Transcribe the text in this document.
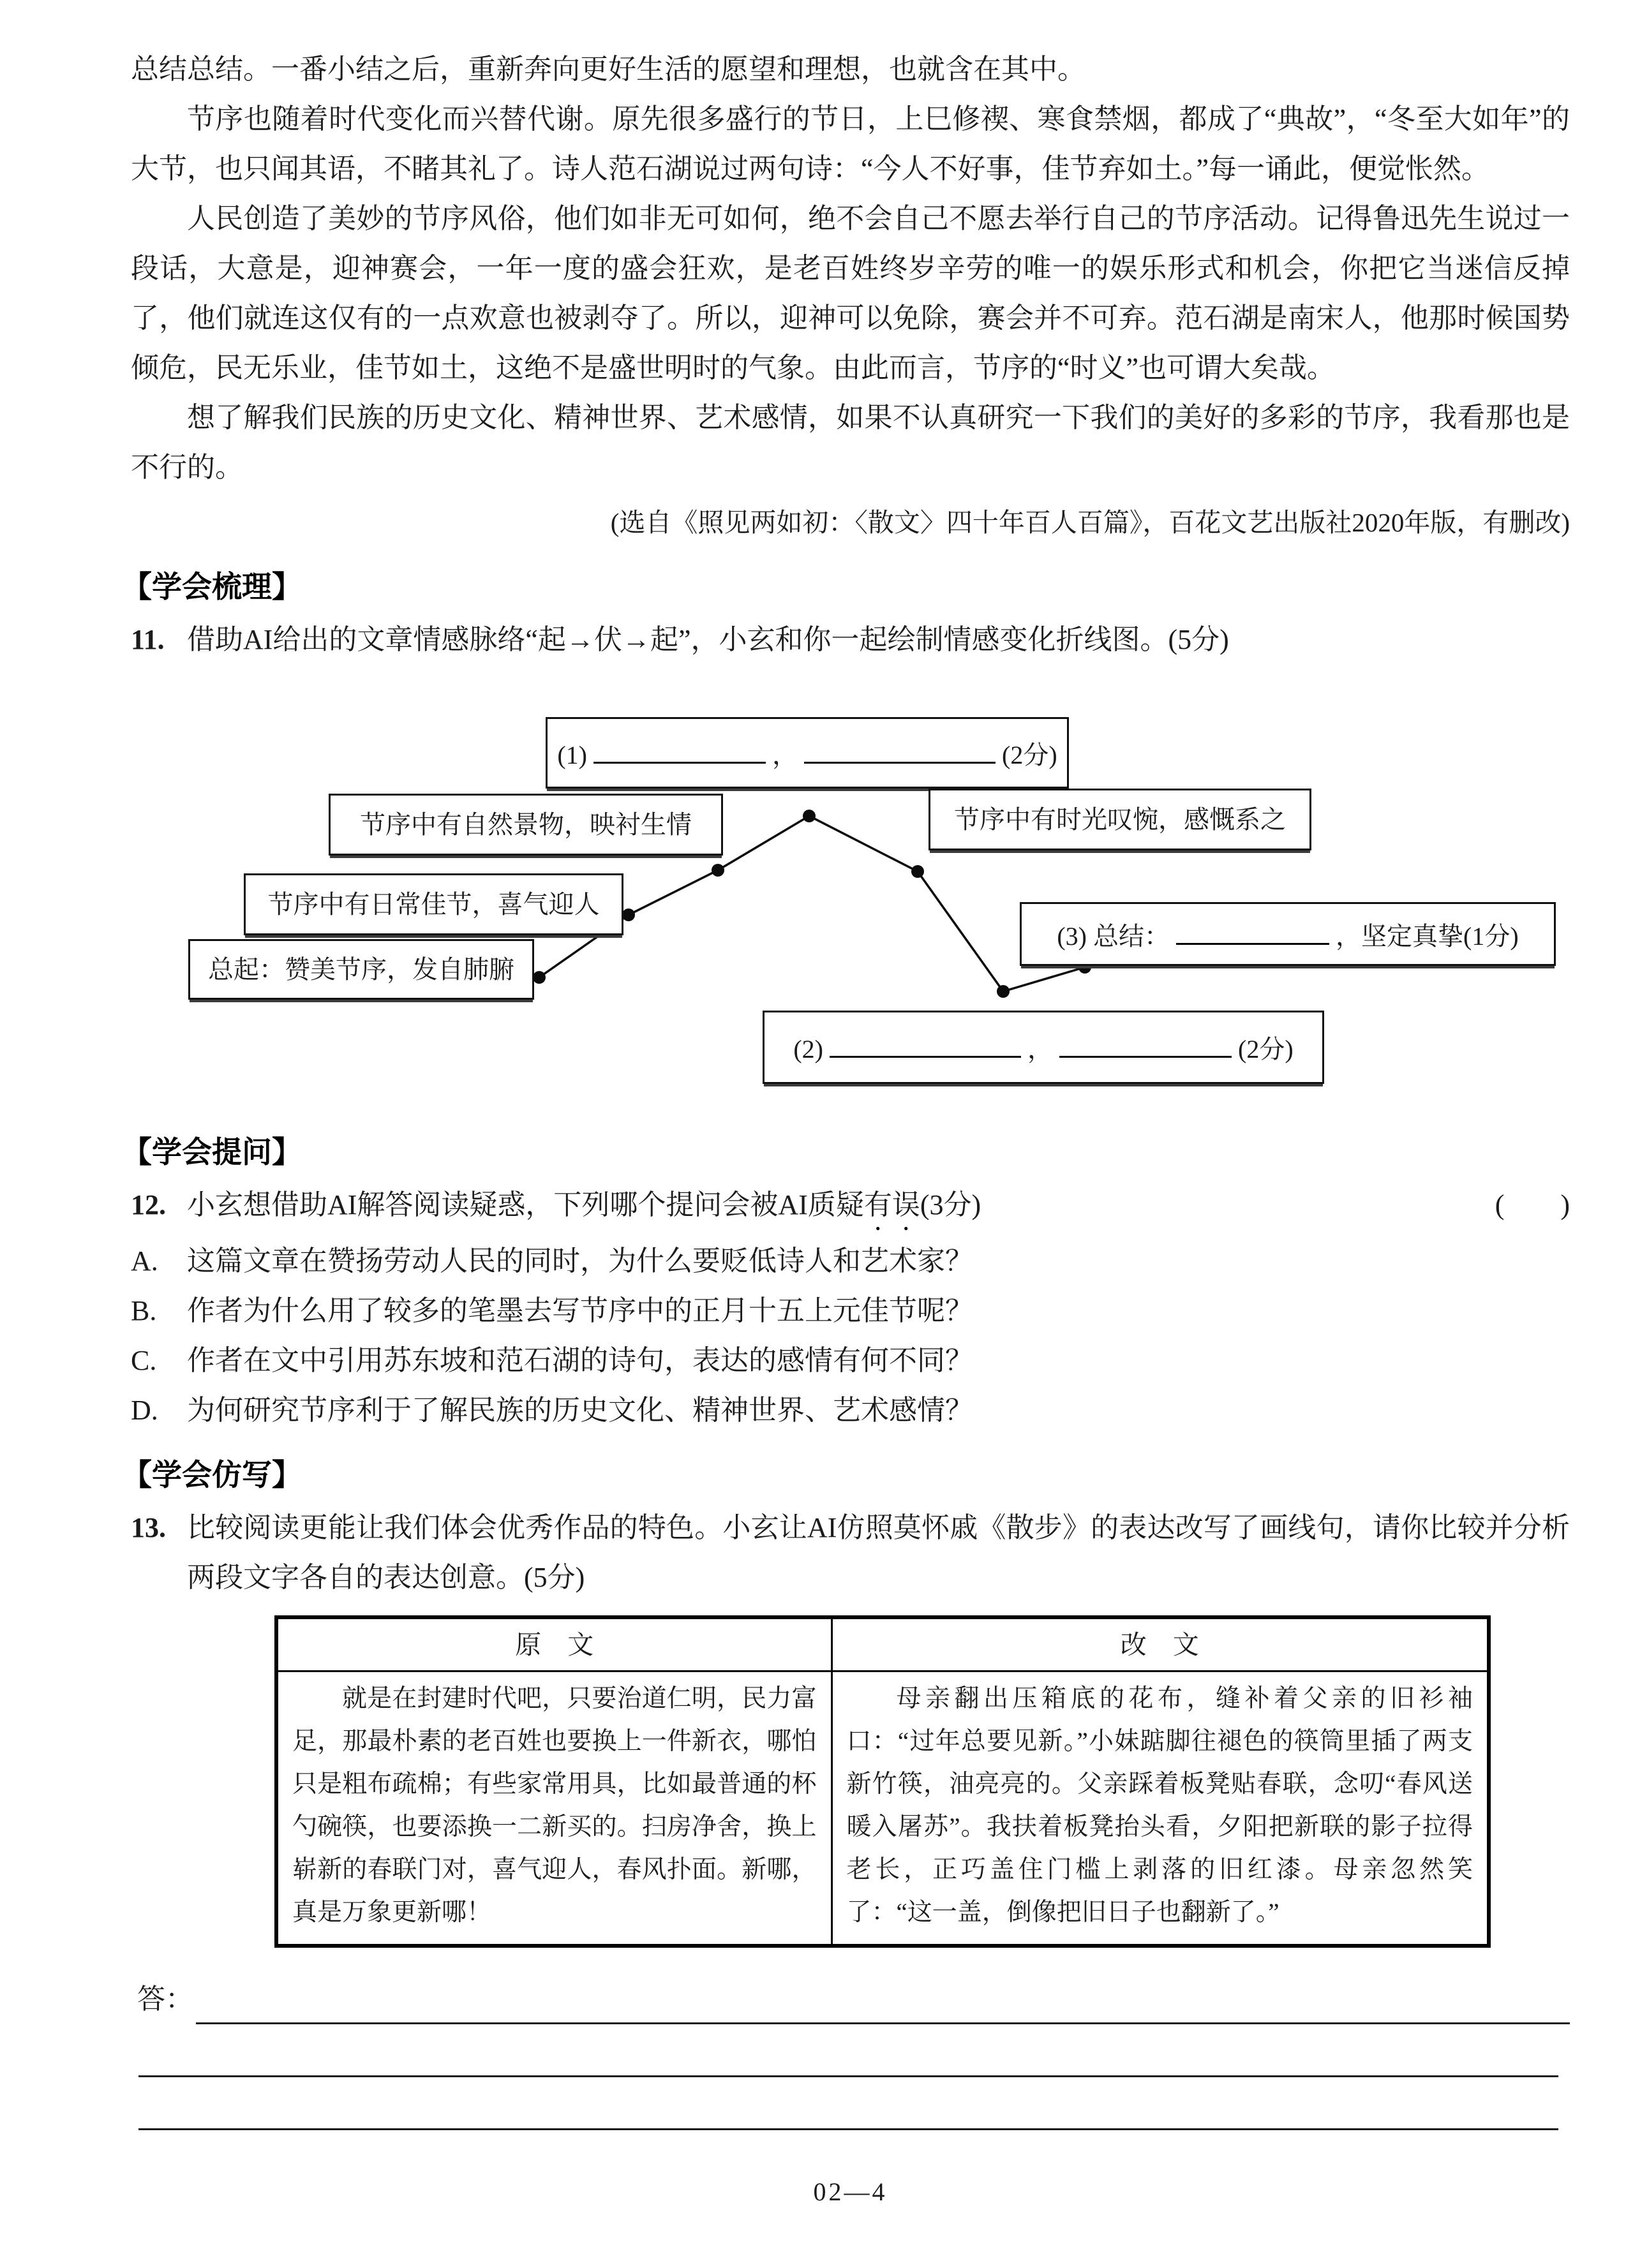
总结总结。一番小结之后，重新奔向更好生活的愿望和理想，也就含在其中。

节序也随着时代变化而兴替代谢。原先很多盛行的节日，上巳修禊、寒食禁烟，都成了“典故”，“冬至大如年”的大节，也只闻其语，不睹其礼了。诗人范石湖说过两句诗：“今人不好事，佳节弃如土。”每一诵此，便觉怅然。

人民创造了美妙的节序风俗，他们如非无可如何，绝不会自己不愿去举行自己的节序活动。记得鲁迅先生说过一段话，大意是，迎神赛会，一年一度的盛会狂欢，是老百姓终岁辛劳的唯一的娱乐形式和机会，你把它当迷信反掉了，他们就连这仅有的一点欢意也被剥夺了。所以，迎神可以免除，赛会并不可弃。范石湖是南宋人，他那时候国势倾危，民无乐业，佳节如土，这绝不是盛世明时的气象。由此而言，节序的“时义”也可谓大矣哉。

想了解我们民族的历史文化、精神世界、艺术感情，如果不认真研究一下我们的美好的多彩的节序，我看那也是不行的。

(选自《照见两如初：〈散文〉四十年百人百篇》，百花文艺出版社2020年版，有删改)
【学会梳理】
11. 借助AI给出的文章情感脉络“起→伏→起”，小玄和你一起绘制情感变化折线图。(5分)
(1)	，	(2分)
节序中有自然景物，映衬生情	节序中有时光叹惋，感慨系之
节序中有日常佳节，喜气迎人
(3) 总结：	，坚定真挚(1分)
总起：赞美节序，发自肺腑
(2)	，	(2分)
【学会提问】
12. 小玄想借助AI解答阅读疑惑，下列哪个提问会被AI质疑有误(3分)	(　　)
A.	这篇文章在赞扬劳动人民的同时，为什么要贬低诗人和艺术家？
B.	作者为什么用了较多的笔墨去写节序中的正月十五上元佳节呢？
C.	作者在文中引用苏东坡和范石湖的诗句，表达的感情有何不同？
D.	为何研究节序利于了解民族的历史文化、精神世界、艺术感情？
【学会仿写】
13. 比较阅读更能让我们体会优秀作品的特色。小玄让AI仿照莫怀戚《散步》的表达改写了画线句，请你比较并分析两段文字各自的表达创意。(5分)
原　文	改　文

就是在封建时代吧，只要治道仁明，民力富足，那最朴素的老百姓也要换上一件新衣，哪怕只是粗布疏棉；有些家常用具，比如最普通的杯勺碗筷，也要添换一二新买的。扫房净舍，换上崭新的春联门对，喜气迎人，春风扑面。新哪，真是万象更新哪！	母亲翻出压箱底的花布，缝补着父亲的旧衫袖口：“过年总要见新。”小妹踮脚往褪色的筷筒里插了两支新竹筷，油亮亮的。父亲踩着板凳贴春联，念叨“春风送暖入屠苏”。我扶着板凳抬头看，夕阳把新联的影子拉得老长，正巧盖住门槛上剥落的旧红漆。母亲忽然笑了：“这一盖，倒像把旧日子也翻新了。”

答：
02—4
